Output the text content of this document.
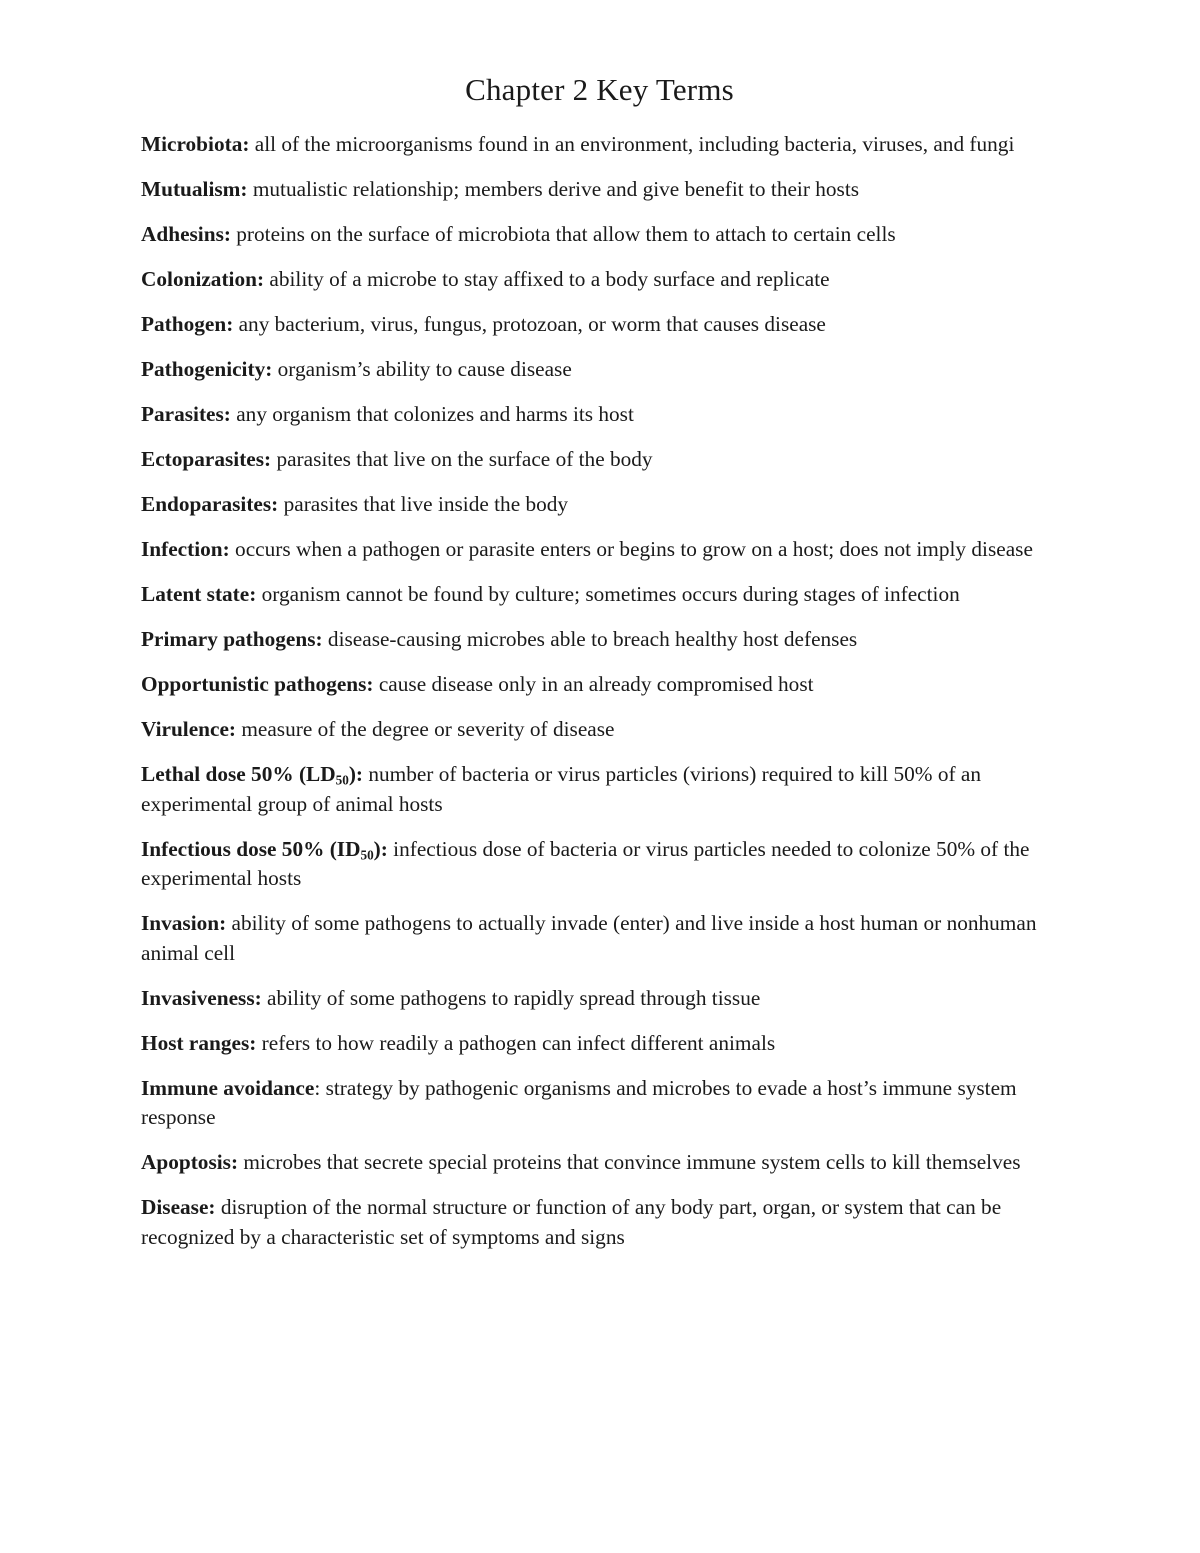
Chapter 2 Key Terms
Microbiota: all of the microorganisms found in an environment, including bacteria, viruses, and fungi
Mutualism: mutualistic relationship; members derive and give benefit to their hosts
Adhesins: proteins on the surface of microbiota that allow them to attach to certain cells
Colonization: ability of a microbe to stay affixed to a body surface and replicate
Pathogen: any bacterium, virus, fungus, protozoan, or worm that causes disease
Pathogenicity: organism’s ability to cause disease
Parasites: any organism that colonizes and harms its host
Ectoparasites: parasites that live on the surface of the body
Endoparasites: parasites that live inside the body
Infection: occurs when a pathogen or parasite enters or begins to grow on a host; does not imply disease
Latent state: organism cannot be found by culture; sometimes occurs during stages of infection
Primary pathogens: disease-causing microbes able to breach healthy host defenses
Opportunistic pathogens: cause disease only in an already compromised host
Virulence: measure of the degree or severity of disease
Lethal dose 50% $(LD_{50})$: number of bacteria or virus particles (virions) required to kill 50% of an experimental group of animal hosts
Infectious dose 50% $(ID_{50})$: infectious dose of bacteria or virus particles needed to colonize 50% of the experimental hosts
Invasion: ability of some pathogens to actually invade (enter) and live inside a host human or nonhuman animal cell
Invasiveness: ability of some pathogens to rapidly spread through tissue
Host ranges: refers to how readily a pathogen can infect different animals
Immune avoidance: strategy by pathogenic organisms and microbes to evade a host’s immune system response
Apoptosis: microbes that secrete special proteins that convince immune system cells to kill themselves
Disease: disruption of the normal structure or function of any body part, organ, or system that can be recognized by a characteristic set of symptoms and signs
